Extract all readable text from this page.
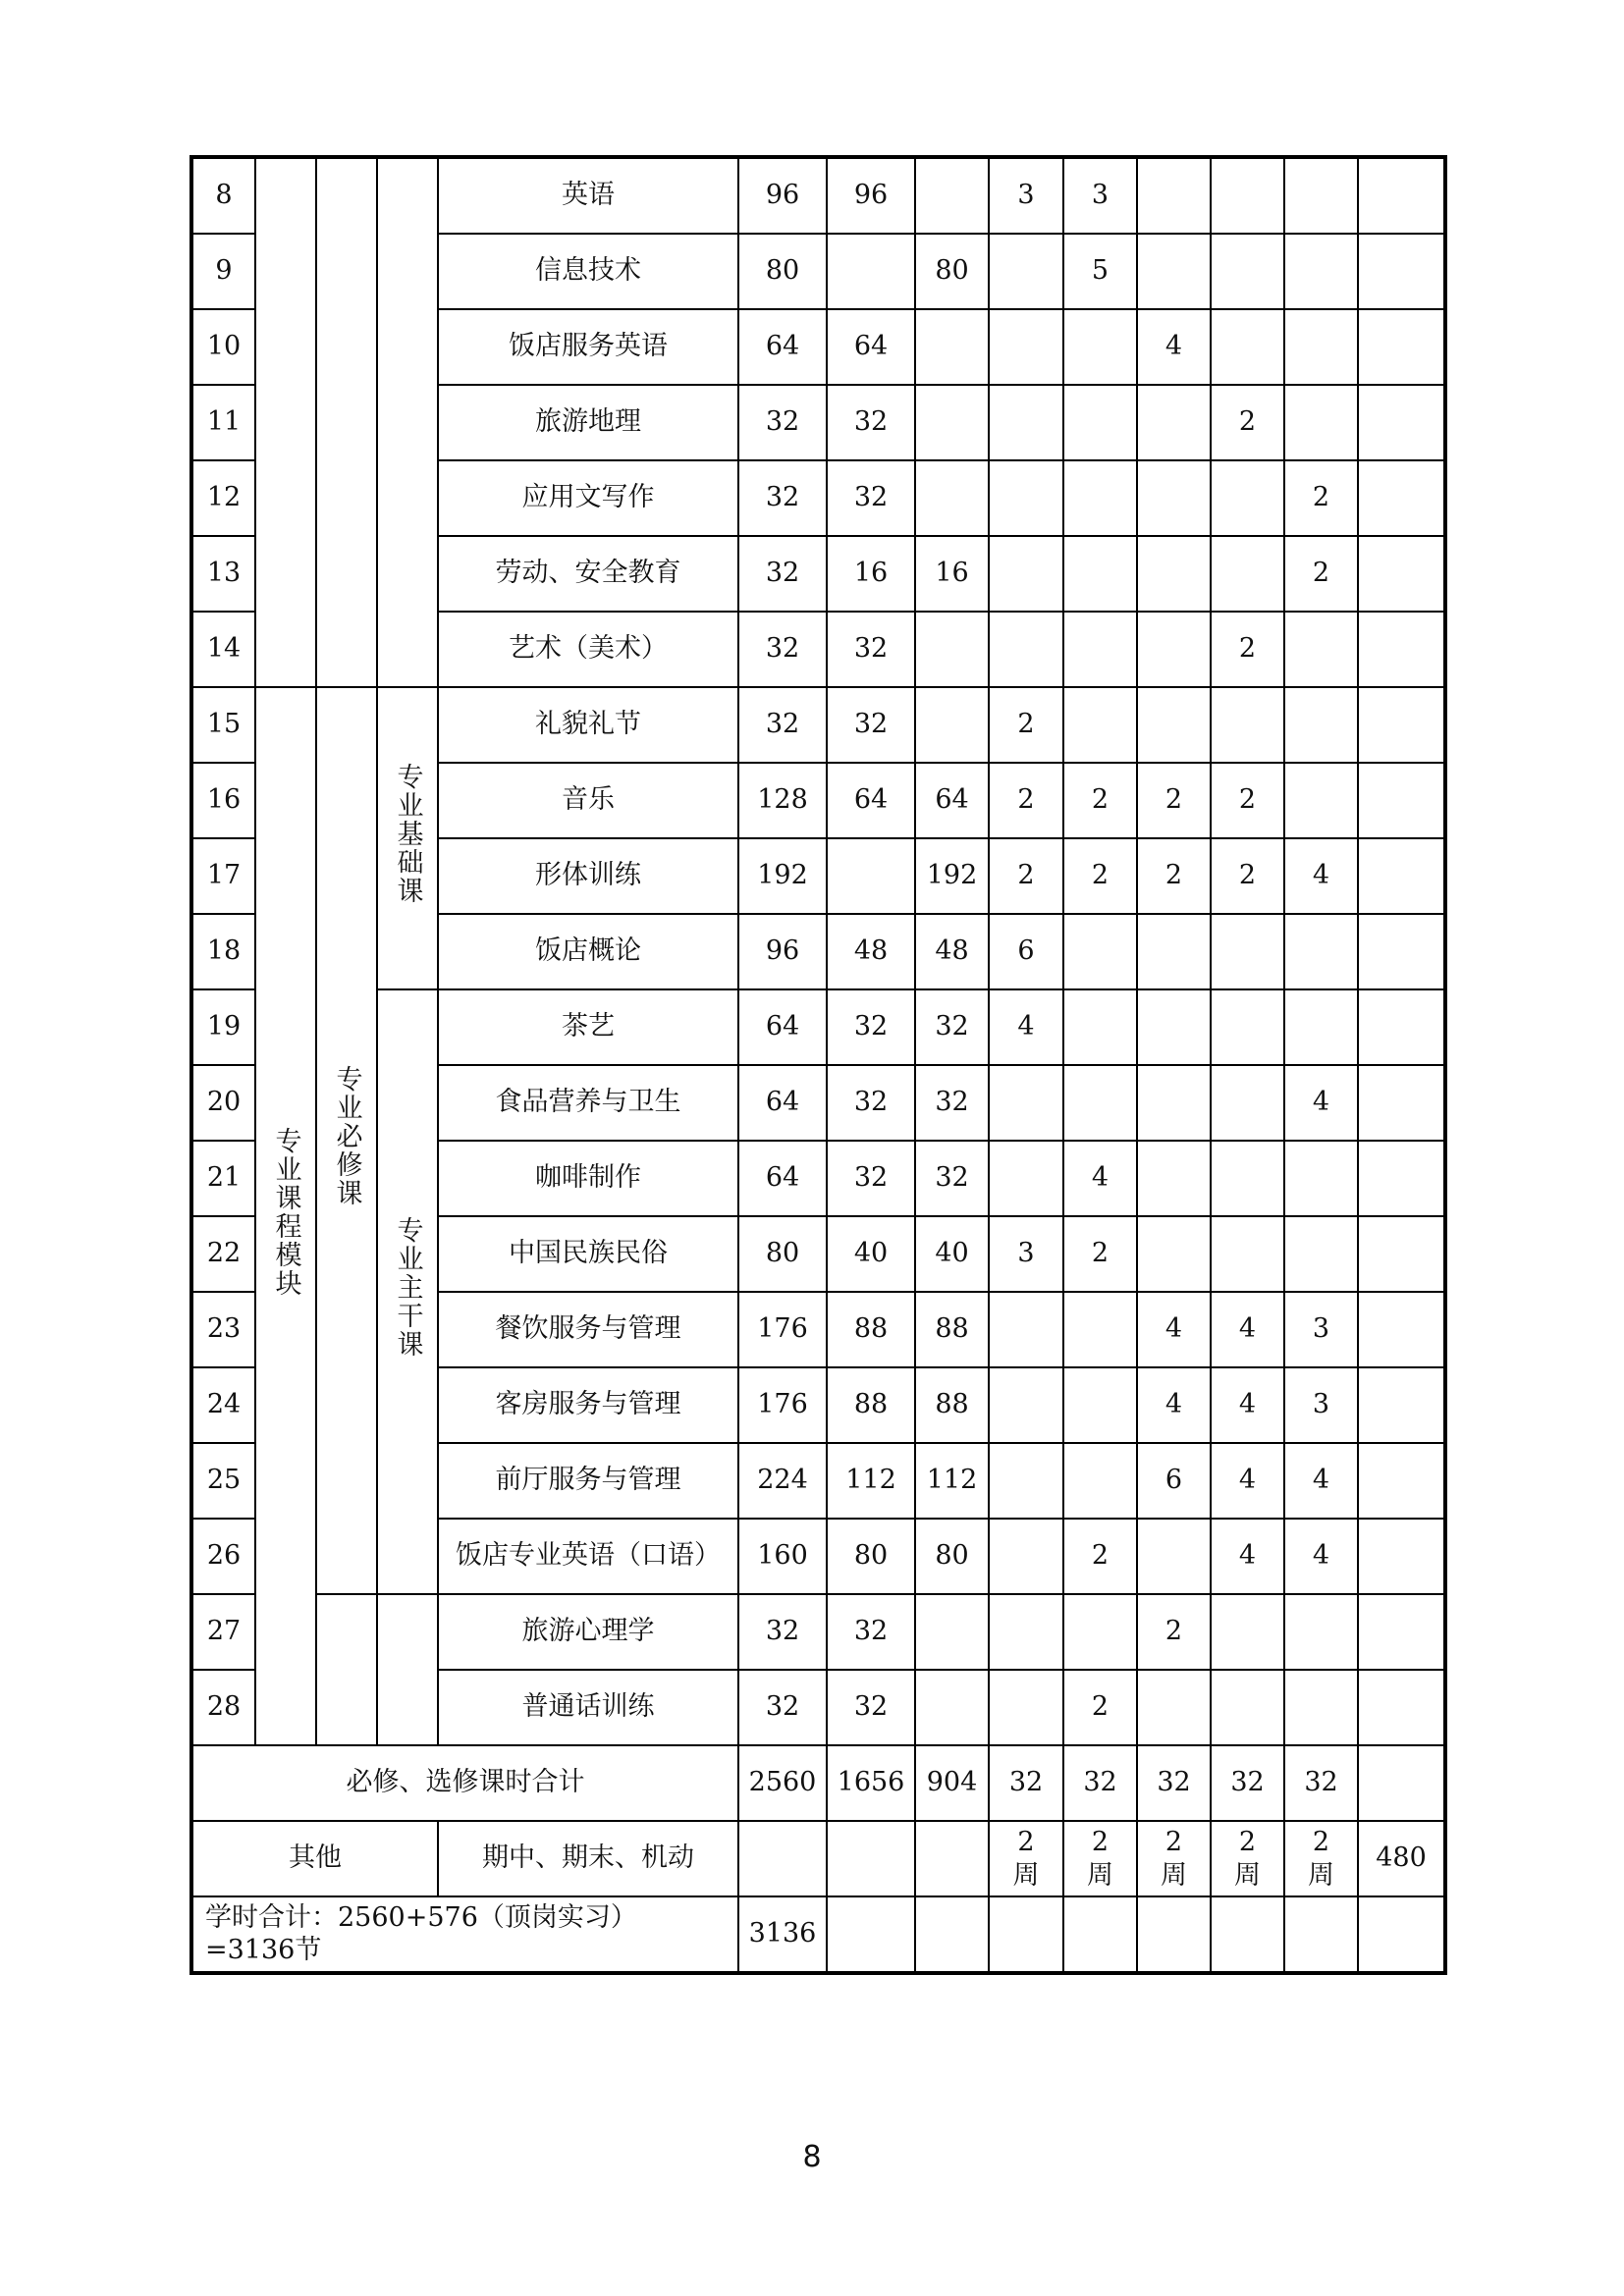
8				英语	96	96		3	3				
9				信息技术	80		80		5				
10				饭店服务英语	64	64				4			
11				旅游地理	32	32					2		
12				应用文写作	32	32						2	
13				劳动、安全教育	32	16	16					2	
14				艺术（美术）	32	32					2		
15	专业课程模块	专业必修课	专业基础课	礼貌礼节	32	32		2					
16				音乐	128	64	64	2	2	2	2		
17				形体训练	192		192	2	2	2	2	4	
18				饭店概论	96	48	48	6					
19			专业主干课	茶艺	64	32	32	4					
20				食品营养与卫生	64	32	32					4	
21				咖啡制作	64	32	32		4				
22				中国民族民俗	80	40	40	3	2				
23				餐饮服务与管理	176	88	88			4	4	3	
24				客房服务与管理	176	88	88			4	4	3	
25				前厅服务与管理	224	112	112			6	4	4	
26				饭店专业英语（口语）	160	80	80		2		4	4	
27				旅游心理学	32	32				2			
28				普通话训练	32	32			2				
必修、选修课时合计					2560	1656	904	32	32	32	32	32	
其他				期中、期末、机动				2 周	2 周	2 周	2 周	2 周	480
学时合计：2560+576（顶岗实习）=3136节					3136								
8
